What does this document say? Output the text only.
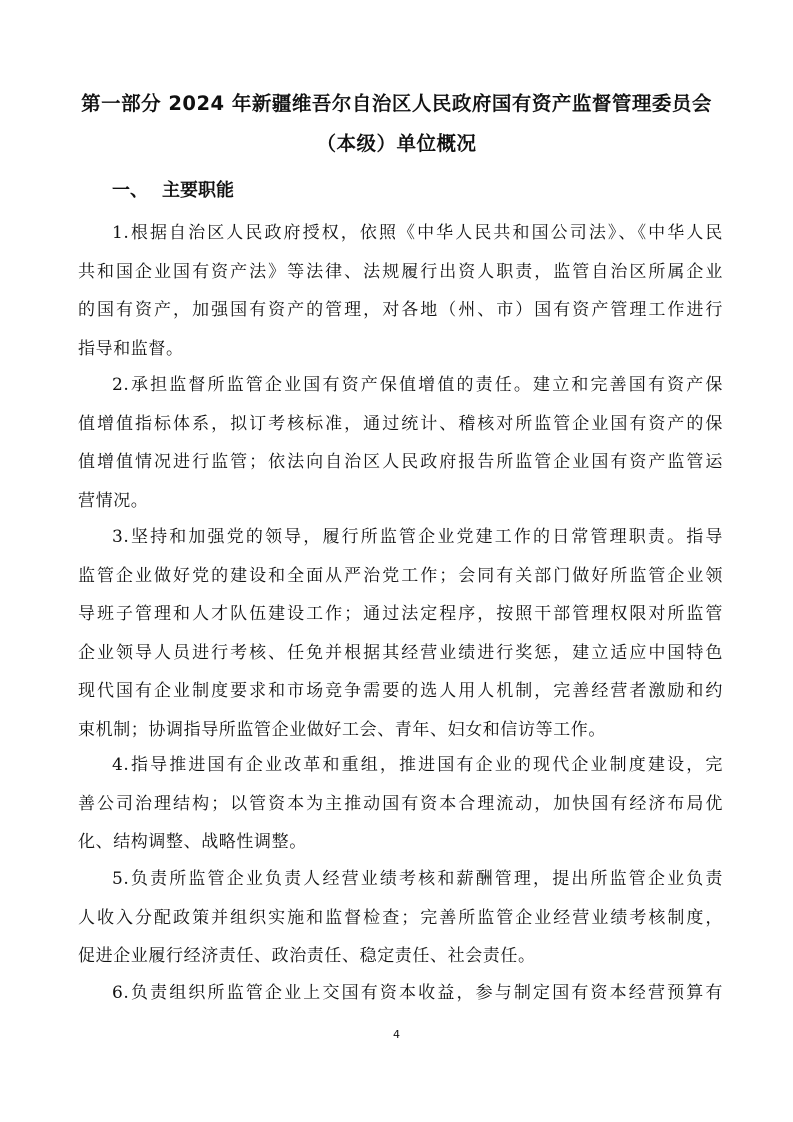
第一部分 2024 年新疆维吾尔自治区人民政府国有资产监督管理委员会
（本级）单位概况
一、 主要职能
1.根据自治区人民政府授权，依照《中华人民共和国公司法》、《中华人民
共和国企业国有资产法》等法律、法规履行出资人职责，监管自治区所属企业
的国有资产，加强国有资产的管理，对各地（州、市）国有资产管理工作进行
指导和监督。
2.承担监督所监管企业国有资产保值增值的责任。建立和完善国有资产保
值增值指标体系，拟订考核标准，通过统计、稽核对所监管企业国有资产的保
值增值情况进行监管；依法向自治区人民政府报告所监管企业国有资产监管运
营情况。
3.坚持和加强党的领导，履行所监管企业党建工作的日常管理职责。指导
监管企业做好党的建设和全面从严治党工作；会同有关部门做好所监管企业领
导班子管理和人才队伍建设工作；通过法定程序，按照干部管理权限对所监管
企业领导人员进行考核、任免并根据其经营业绩进行奖惩，建立适应中国特色
现代国有企业制度要求和市场竞争需要的选人用人机制，完善经营者激励和约
束机制；协调指导所监管企业做好工会、青年、妇女和信访等工作。
4.指导推进国有企业改革和重组，推进国有企业的现代企业制度建设，完
善公司治理结构；以管资本为主推动国有资本合理流动，加快国有经济布局优
化、结构调整、战略性调整。
5.负责所监管企业负责人经营业绩考核和薪酬管理，提出所监管企业负责
人收入分配政策并组织实施和监督检查；完善所监管企业经营业绩考核制度，
促进企业履行经济责任、政治责任、稳定责任、社会责任。
6.负责组织所监管企业上交国有资本收益，参与制定国有资本经营预算有
4
